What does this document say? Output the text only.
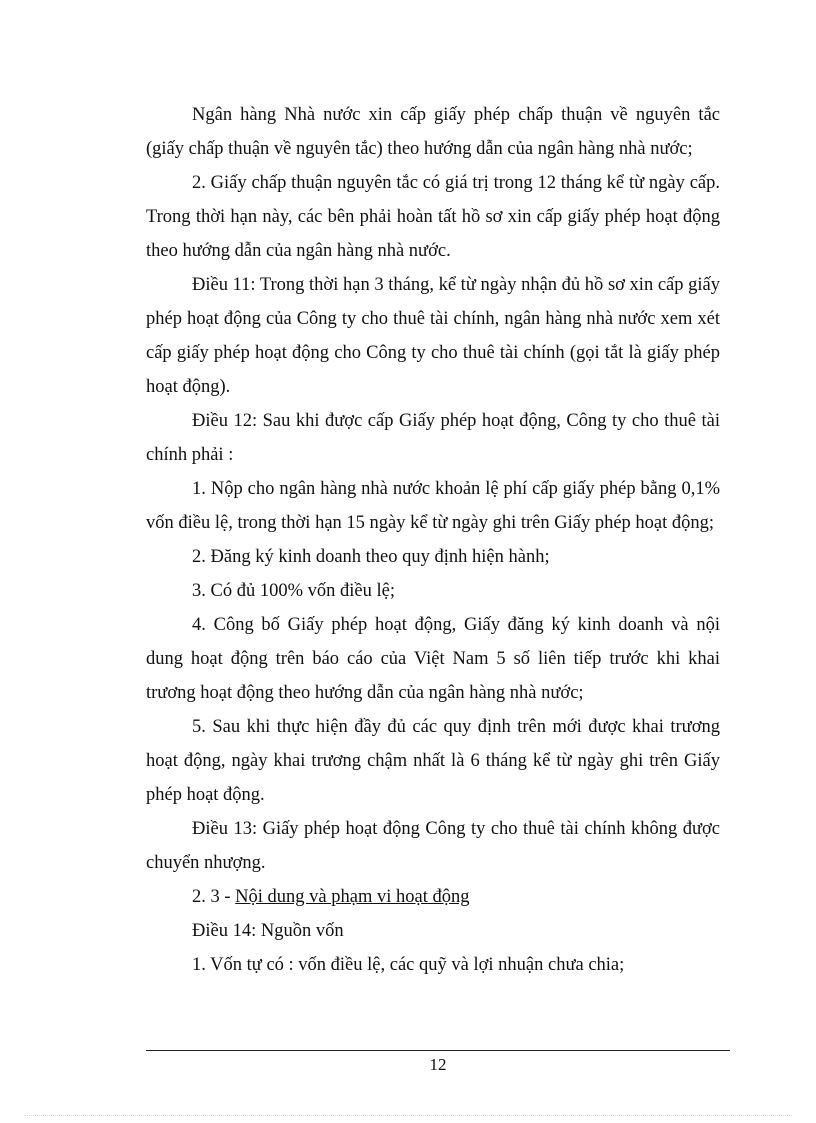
Ngân hàng Nhà nước xin cấp giấy phép chấp thuận về nguyên tắc (giấy chấp thuận về nguyên tắc) theo hướng dẫn của ngân hàng nhà nước;

2. Giấy chấp thuận nguyên tắc có giá trị trong 12 tháng kể từ ngày cấp. Trong thời hạn này, các bên phải hoàn tất hồ sơ xin cấp giấy phép hoạt động theo hướng dẫn của ngân hàng nhà nước.

Điều 11: Trong thời hạn 3 tháng, kể từ ngày nhận đủ hồ sơ xin cấp giấy phép hoạt động của Công ty cho thuê tài chính, ngân hàng nhà nước xem xét cấp giấy phép hoạt động cho Công ty cho thuê tài chính (gọi tắt là giấy phép hoạt động).

Điều 12: Sau khi được cấp Giấy phép hoạt động, Công ty cho thuê tài chính phải :

1. Nộp cho ngân hàng nhà nước khoản lệ phí cấp giấy phép bằng 0,1% vốn điều lệ, trong thời hạn 15 ngày kể từ ngày ghi trên Giấy phép hoạt động;

2. Đăng ký kinh doanh theo quy định hiện hành;

3. Có đủ 100% vốn điều lệ;

4. Công bố Giấy phép hoạt động, Giấy đăng ký kinh doanh và nội dung hoạt động trên báo cáo của Việt Nam 5 số liên tiếp trước khi khai trương hoạt động theo hướng dẫn của ngân hàng nhà nước;

5. Sau khi thực hiện đầy đủ các quy định trên mới được khai trương hoạt động, ngày khai trương chậm nhất là 6 tháng kể từ ngày ghi trên Giấy phép hoạt động.

Điều 13: Giấy phép hoạt động Công ty cho thuê tài chính không được chuyển nhượng.

2. 3 - Nội dung và phạm vi hoạt động

Điều 14: Nguồn vốn

1. Vốn tự có : vốn điều lệ, các quỹ và lợi nhuận chưa chia;

12
